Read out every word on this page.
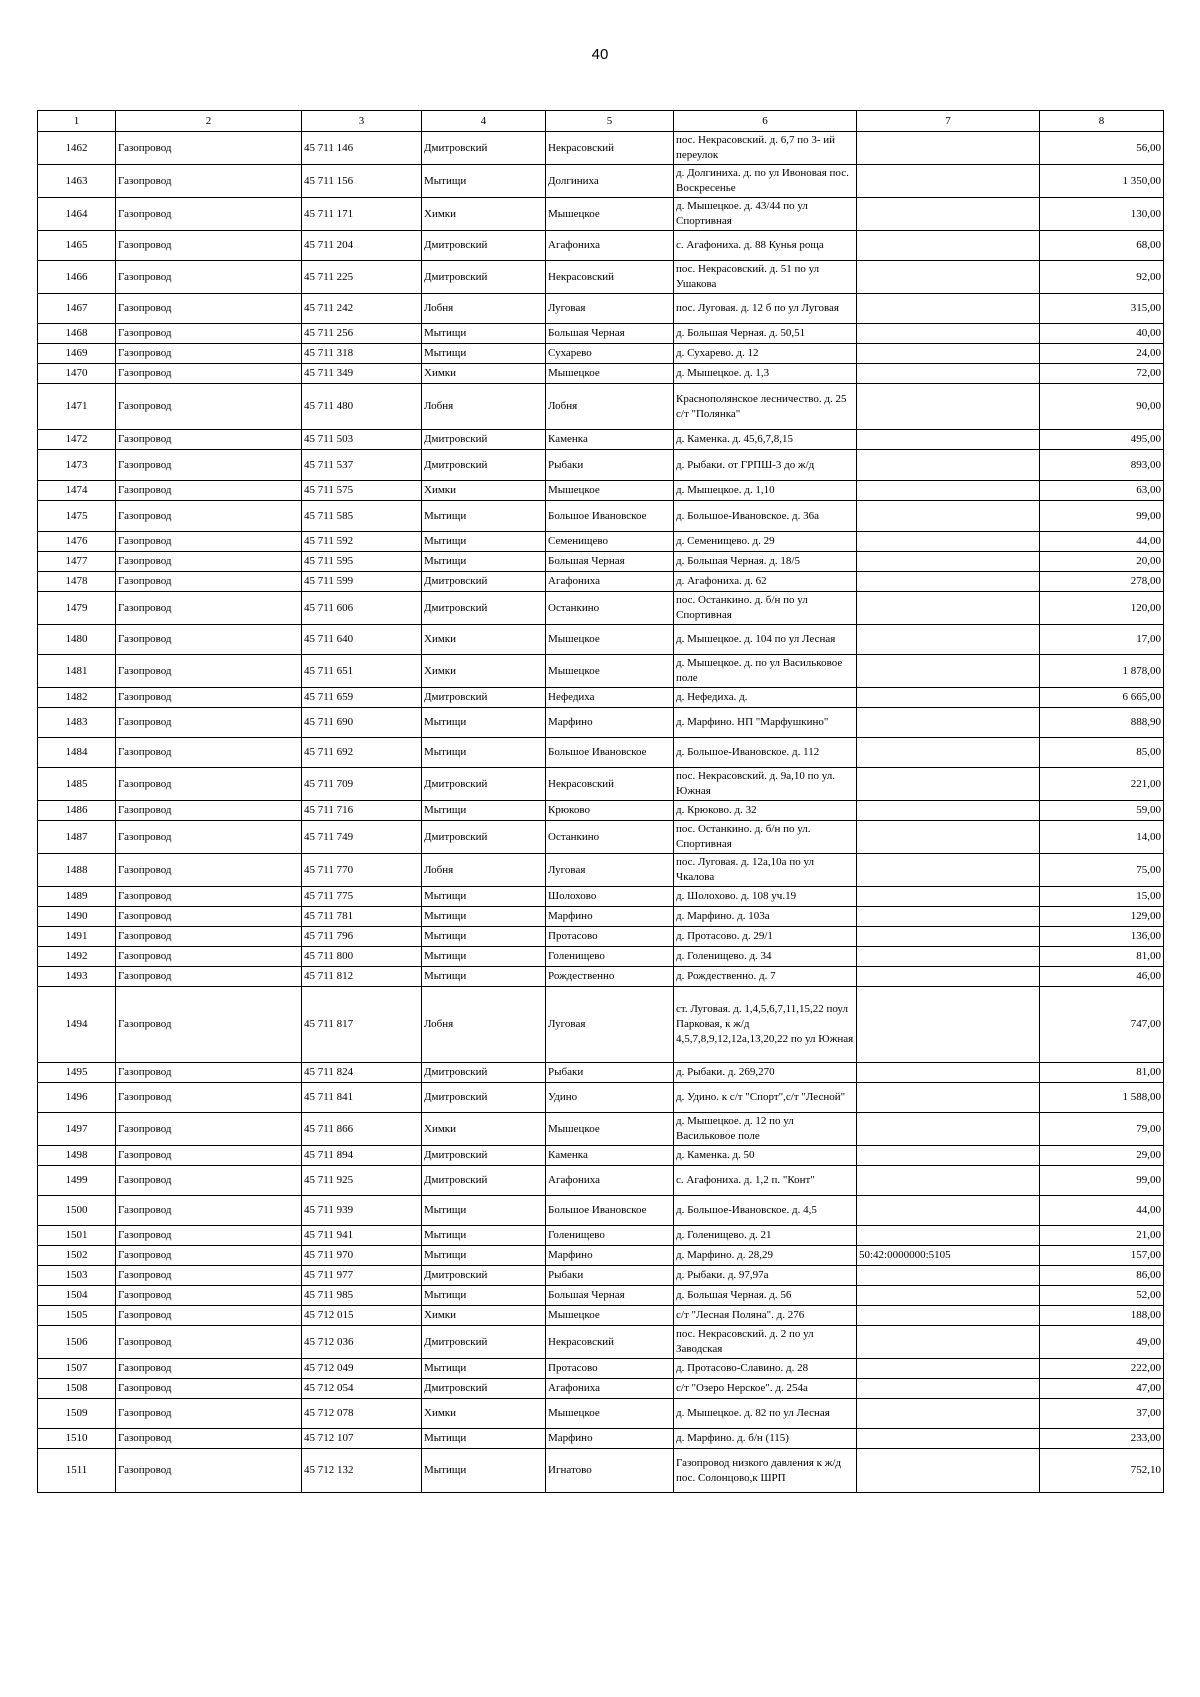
40
1	2	3	4	5	6	7	8
1462	Газопровод	45 711 146	Дмитровский	Некрасовский	пос. Некрасовский. д. 6,7 по 3- ий переулок		56,00
1463	Газопровод	45 711 156	Мытищи	Долгиниха	д. Долгиниха. д. по ул Ивоновая пос. Воскресенье		1 350,00
1464	Газопровод	45 711 171	Химки	Мышецкое	д. Мышецкое. д. 43/44 по ул Спортивная		130,00
1465	Газопровод	45 711 204	Дмитровский	Агафониха	с. Агафониха. д. 88 Кунья роща		68,00
1466	Газопровод	45 711 225	Дмитровский	Некрасовский	пос. Некрасовский. д. 51 по ул Ушакова		92,00
1467	Газопровод	45 711 242	Лобня	Луговая	пос. Луговая. д. 12 б по ул Луговая		315,00
1468	Газопровод	45 711 256	Мытищи	Большая Черная	д. Большая Черная. д. 50,51		40,00
1469	Газопровод	45 711 318	Мытищи	Сухарево	д. Сухарево. д. 12		24,00
1470	Газопровод	45 711 349	Химки	Мышецкое	д. Мышецкое. д. 1,3		72,00
1471	Газопровод	45 711 480	Лобня	Лобня	Краснополянское лесничество. д. 25 с/т "Полянка"		90,00
1472	Газопровод	45 711 503	Дмитровский	Каменка	д. Каменка. д. 45,6,7,8,15		495,00
1473	Газопровод	45 711 537	Дмитровский	Рыбаки	д. Рыбаки. от ГРПШ-3 до ж/д		893,00
1474	Газопровод	45 711 575	Химки	Мышецкое	д. Мышецкое. д. 1,10		63,00
1475	Газопровод	45 711 585	Мытищи	Большое Ивановское	д. Большое-Ивановское. д. 36а		99,00
1476	Газопровод	45 711 592	Мытищи	Семенищево	д. Семенищево. д. 29		44,00
1477	Газопровод	45 711 595	Мытищи	Большая Черная	д. Большая Черная. д. 18/5		20,00
1478	Газопровод	45 711 599	Дмитровский	Агафониха	д. Агафониха. д. 62		278,00
1479	Газопровод	45 711 606	Дмитровский	Останкино	пос. Останкино. д. б/н по ул Спортивная		120,00
1480	Газопровод	45 711 640	Химки	Мышецкое	д. Мышецкое. д. 104 по ул Лесная		17,00
1481	Газопровод	45 711 651	Химки	Мышецкое	д. Мышецкое. д. по ул Васильковое поле		1 878,00
1482	Газопровод	45 711 659	Дмитровский	Нефедиха	д. Нефедиха. д.		6 665,00
1483	Газопровод	45 711 690	Мытищи	Марфино	д. Марфино. НП "Марфушкино"		888,90
1484	Газопровод	45 711 692	Мытищи	Большое Ивановское	д. Большое-Ивановское. д. 112		85,00
1485	Газопровод	45 711 709	Дмитровский	Некрасовский	пос. Некрасовский. д. 9а,10 по ул. Южная		221,00
1486	Газопровод	45 711 716	Мытищи	Крюково	д. Крюково. д. 32		59,00
1487	Газопровод	45 711 749	Дмитровский	Останкино	пос. Останкино. д. б/н по ул. Спортивная		14,00
1488	Газопровод	45 711 770	Лобня	Луговая	пос. Луговая. д. 12а,10а по ул Чкалова		75,00
1489	Газопровод	45 711 775	Мытищи	Шолохово	д. Шолохово. д. 108 уч.19		15,00
1490	Газопровод	45 711 781	Мытищи	Марфино	д. Марфино. д. 103а		129,00
1491	Газопровод	45 711 796	Мытищи	Протасово	д. Протасово. д. 29/1		136,00
1492	Газопровод	45 711 800	Мытищи	Голенищево	д. Голенищево. д. 34		81,00
1493	Газопровод	45 711 812	Мытищи	Рождественно	д. Рождественно. д. 7		46,00
1494	Газопровод	45 711 817	Лобня	Луговая	ст. Луговая. д. 1,4,5,6,7,11,15,22 поул Парковая, к ж/д 4,5,7,8,9,12,12а,13,20,22 по ул Южная		747,00
1495	Газопровод	45 711 824	Дмитровский	Рыбаки	д. Рыбаки. д. 269,270		81,00
1496	Газопровод	45 711 841	Дмитровский	Удино	д. Удино. к с/т "Спорт",с/т "Лесной"		1 588,00
1497	Газопровод	45 711 866	Химки	Мышецкое	д. Мышецкое. д. 12 по ул Васильковое поле		79,00
1498	Газопровод	45 711 894	Дмитровский	Каменка	д. Каменка. д. 50		29,00
1499	Газопровод	45 711 925	Дмитровский	Агафониха	с. Агафониха. д. 1,2 п. "Конт"		99,00
1500	Газопровод	45 711 939	Мытищи	Большое Ивановское	д. Большое-Ивановское. д. 4,5		44,00
1501	Газопровод	45 711 941	Мытищи	Голенищево	д. Голенищево. д. 21		21,00
1502	Газопровод	45 711 970	Мытищи	Марфино	д. Марфино. д. 28,29	50:42:0000000:5105	157,00
1503	Газопровод	45 711 977	Дмитровский	Рыбаки	д. Рыбаки. д. 97,97а		86,00
1504	Газопровод	45 711 985	Мытищи	Большая Черная	д. Большая Черная. д. 56		52,00
1505	Газопровод	45 712 015	Химки	Мышецкое	с/т "Лесная Поляна". д. 276		188,00
1506	Газопровод	45 712 036	Дмитровский	Некрасовский	пос. Некрасовский. д. 2 по ул Заводская		49,00
1507	Газопровод	45 712 049	Мытищи	Протасово	д. Протасово-Славино. д. 28		222,00
1508	Газопровод	45 712 054	Дмитровский	Агафониха	с/т "Озеро Нерское". д. 254а		47,00
1509	Газопровод	45 712 078	Химки	Мышецкое	д. Мышецкое. д. 82 по ул Лесная		37,00
1510	Газопровод	45 712 107	Мытищи	Марфино	д. Марфино. д. б/н (115)		233,00
1511	Газопровод	45 712 132	Мытищи	Игнатово	Газопровод низкого давления к ж/д пос. Солонцово,к ШРП		752,10
